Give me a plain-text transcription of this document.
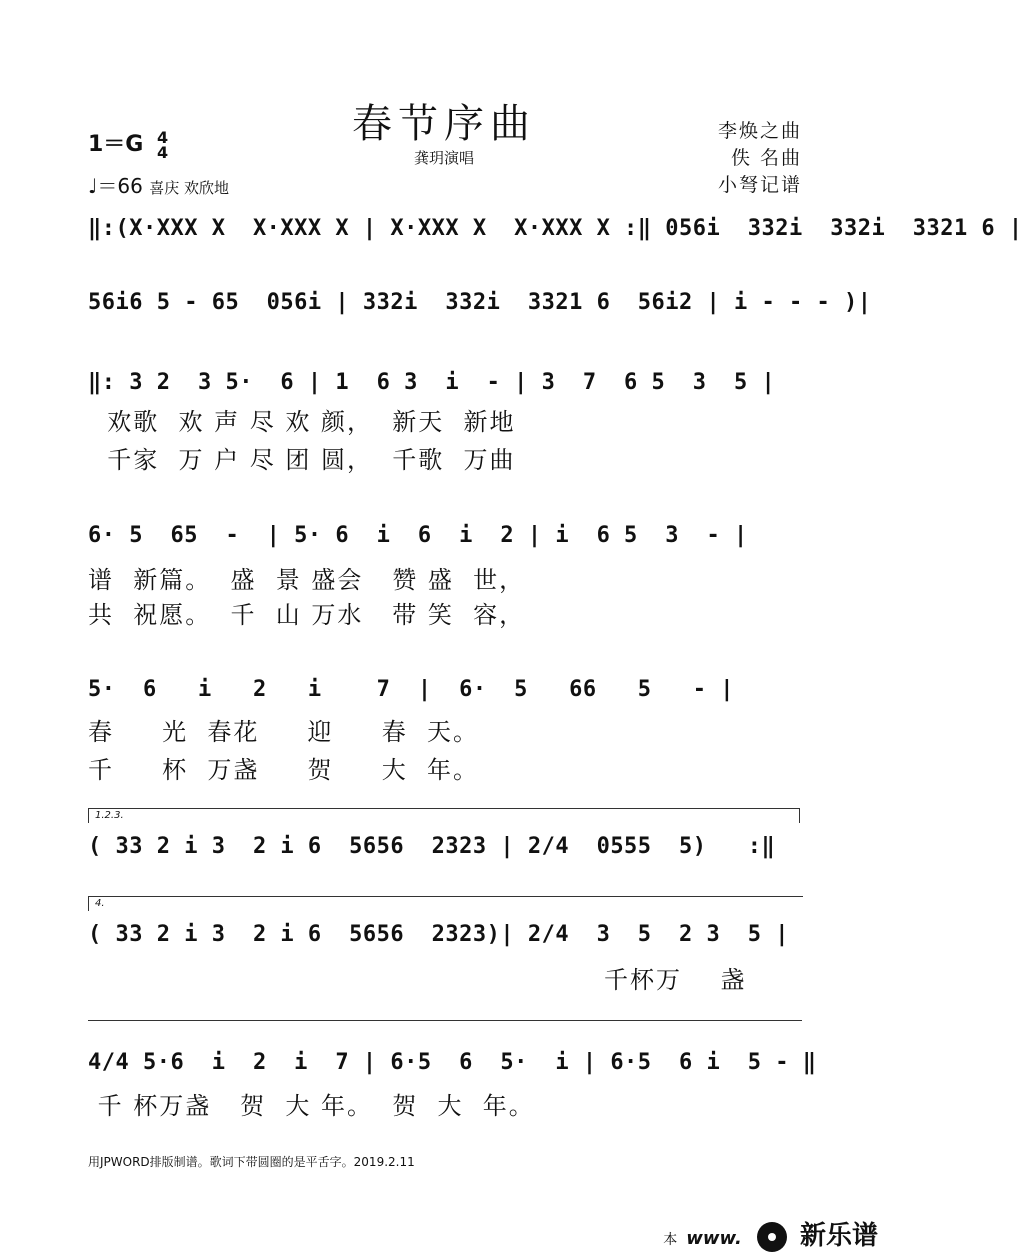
春节序曲
龚玥演唱
李焕之曲
佚 名曲
小弩记谱
1＝G 4
4
♩＝66 喜庆 欢欣地
‖:(X·XXX X  X·XXX X | X·XXX X  X·XXX X :‖ 056i  332i  332i  3321 6 |
56i6 5 - 65  056i | 332i  332i  3321 6  56i2 | i - - - )|
‖: 3 2  3 5·  6 | 1  6 3  i  - | 3  7  6 5  3  5 |
欢歌  欢 声 尽 欢 颜，  新天  新地
千家  万 户 尽 团 圆，  千歌  万曲
6· 5  65  -  | 5· 6  i  6  i  2 | i  6 5  3  - |
谱  新篇。  盛  景 盛会   赞 盛  世，
共  祝愿。  千  山 万水   带 笑  容，
5·  6   i   2   i    7  |  6·  5   66   5   - |
春     光  春花     迎     春  天。
千     杯  万盏     贺     大  年。
1.2.3.
( 33 2 i 3  2 i 6  5656  2323 | 2/4  0555  5)   :‖
4.
( 33 2 i 3  2 i 6  5656  2323)| 2/4  3  5  2 3  5 |
千杯万    盏
4/4 5·6  i  2  i  7 | 6·5  6  5·  i | 6·5  6 i  5 - ‖
千 杯万盏   贺  大 年。  贺  大  年。
用JPWORD排版制谱。歌词下带圆圈的是平舌字。2019.2.11
本 www. 新乐谱
